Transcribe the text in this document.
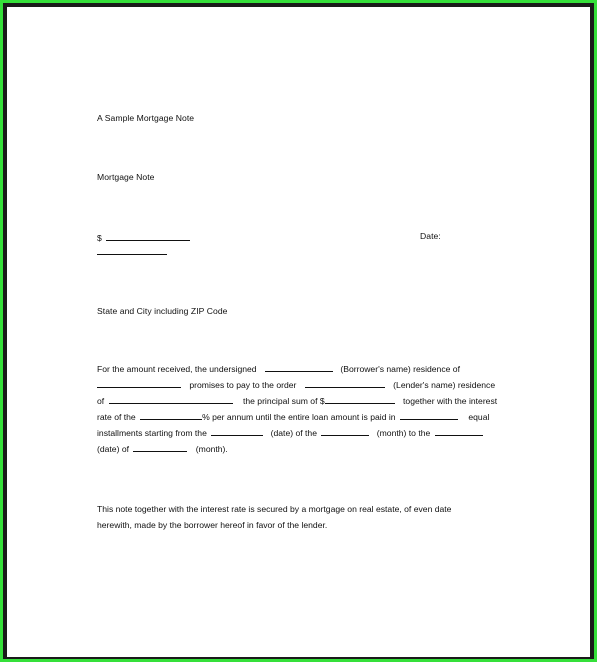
A Sample Mortgage Note
Mortgage Note
$	Date:
State and City including ZIP Code
For the amount received, the undersigned	(Borrower's name) residence of
promises to pay to the order	(Lender's name) residence
of	the principal sum of $	together with the interest
rate of the	% per annum until the entire loan amount is paid in	equal
installments starting from the	(date) of the	(month) to the
(date) of	(month).
This note together with the interest rate is secured by a mortgage on real estate, of even date
herewith, made by the borrower hereof in favor of the lender.
